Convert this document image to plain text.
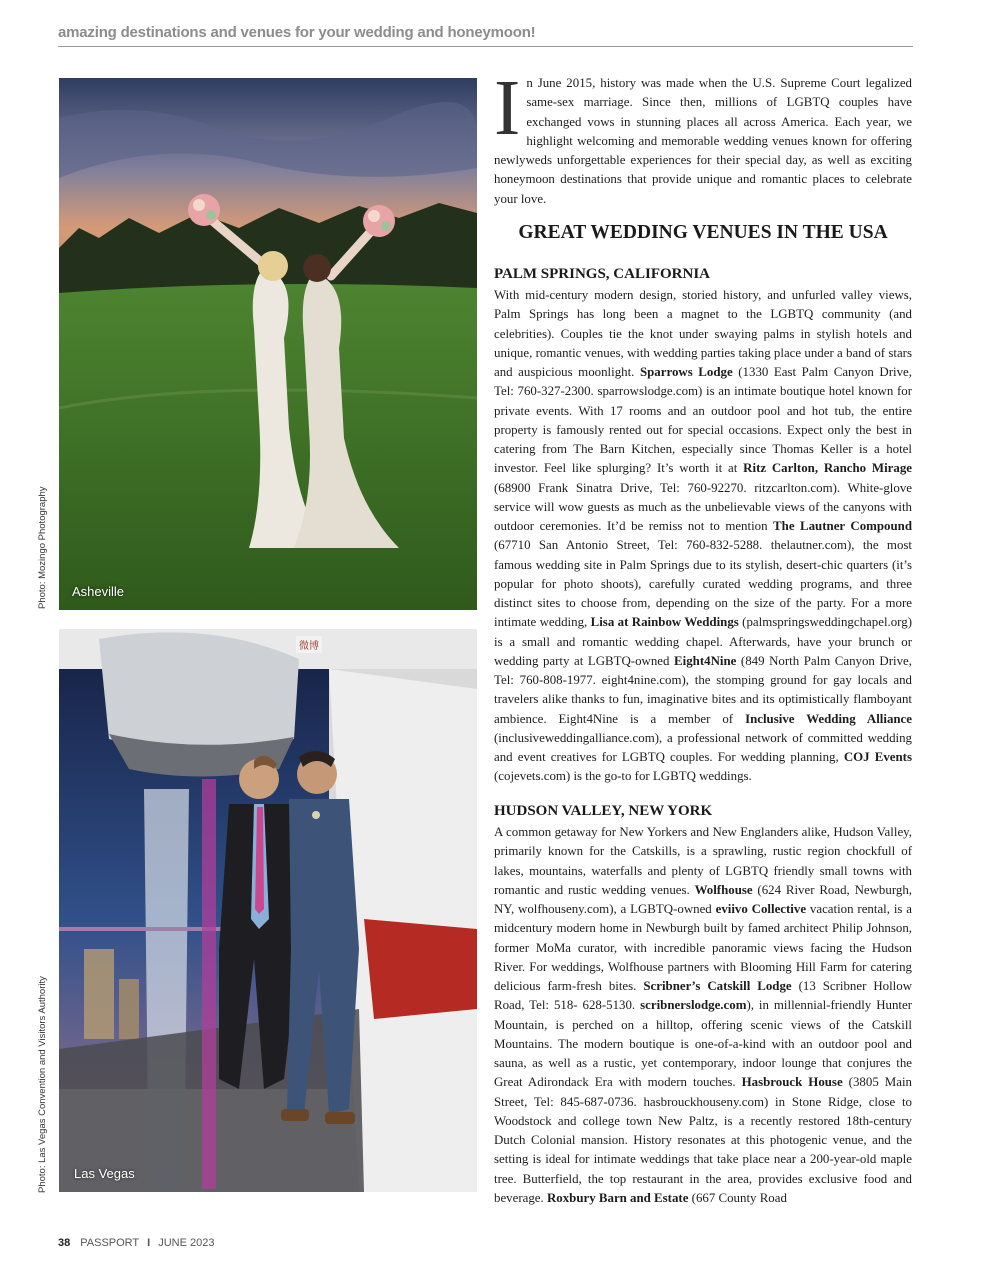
amazing destinations and venues for your wedding and honeymoon!
Asheville
Photo: Mozingo Photography
Las Vegas
微博
Photo: Las Vegas Convention and Visitors Authority
In June 2015, history was made when the U.S. Supreme Court legalized same-sex marriage. Since then, millions of LGBTQ couples have exchanged vows in stunning places all across America. Each year, we highlight welcoming and memorable wedding venues known for offering newlyweds unforgettable experiences for their special day, as well as exciting honeymoon destinations that provide unique and romantic places to celebrate your love.
GREAT WEDDING VENUES IN THE USA
PALM SPRINGS, CALIFORNIA
With mid-century modern design, storied history, and unfurled valley views, Palm Springs has long been a magnet to the LGBTQ community (and celebrities). Couples tie the knot under swaying palms in stylish hotels and unique, romantic venues, with wedding parties taking place under a band of stars and auspicious moonlight. Sparrows Lodge (1330 East Palm Canyon Drive, Tel: 760-327-2300. sparrowslodge.com) is an intimate boutique hotel known for private events. With 17 rooms and an outdoor pool and hot tub, the entire property is famously rented out for special occasions. Expect only the best in catering from The Barn Kitchen, especially since Thomas Keller is a hotel investor. Feel like splurging? It’s worth it at Ritz Carlton, Rancho Mirage (68900 Frank Sinatra Drive, Tel: 760-92270. ritzcarlton.com). White-glove service will wow guests as much as the unbelievable views of the canyons with outdoor ceremonies. It’d be remiss not to mention The Lautner Compound (67710 San Antonio Street, Tel: 760-832-5288. thelautner.com), the most famous wedding site in Palm Springs due to its stylish, desert-chic quarters (it’s popular for photo shoots), carefully curated wedding programs, and three distinct sites to choose from, depending on the size of the party. For a more intimate wedding, Lisa at Rainbow Weddings (palmspringsweddingchapel.org) is a small and romantic wedding chapel. Afterwards, have your brunch or wedding party at LGBTQ-owned Eight4Nine (849 North Palm Canyon Drive, Tel: 760-808-1977. eight4nine.com), the stomping ground for gay locals and travelers alike thanks to fun, imaginative bites and its optimistically flamboyant ambience. Eight4Nine is a member of Inclusive Wedding Alliance (inclusiveweddingalliance.com), a professional network of committed wedding and event creatives for LGBTQ couples. For wedding planning, COJ Events (cojevets.com) is the go-to for LGBTQ weddings.
HUDSON VALLEY, NEW YORK
A common getaway for New Yorkers and New Englanders alike, Hudson Valley, primarily known for the Catskills, is a sprawling, rustic region chockfull of lakes, mountains, waterfalls and plenty of LGBTQ friendly small towns with romantic and rustic wedding venues. Wolfhouse (624 River Road, Newburgh, NY, wolfhouseny.com), a LGBTQ-owned eviivo Collective vacation rental, is a midcentury modern home in Newburgh built by famed architect Philip Johnson, former MoMa curator, with incredible panoramic views facing the Hudson River. For weddings, Wolfhouse partners with Blooming Hill Farm for catering delicious farm-fresh bites. Scribner’s Catskill Lodge (13 Scribner Hollow Road, Tel: 518- 628-5130. scribnerslodge.com), in millennial-friendly Hunter Mountain, is perched on a hilltop, offering scenic views of the Catskill Mountains. The modern boutique is one-of-a-kind with an outdoor pool and sauna, as well as a rustic, yet contemporary, indoor lounge that conjures the Great Adirondack Era with modern touches. Hasbrouck House (3805 Main Street, Tel: 845-687-0736. hasbrouckhouseny.com) in Stone Ridge, close to Woodstock and college town New Paltz, is a recently restored 18th-century Dutch Colonial mansion. History resonates at this photogenic venue, and the setting is ideal for intimate weddings that take place near a 200-year-old maple tree. Butterfield, the top restaurant in the area, provides exclusive food and beverage. Roxbury Barn and Estate (667 County Road
38 PASSPORT I JUNE 2023
